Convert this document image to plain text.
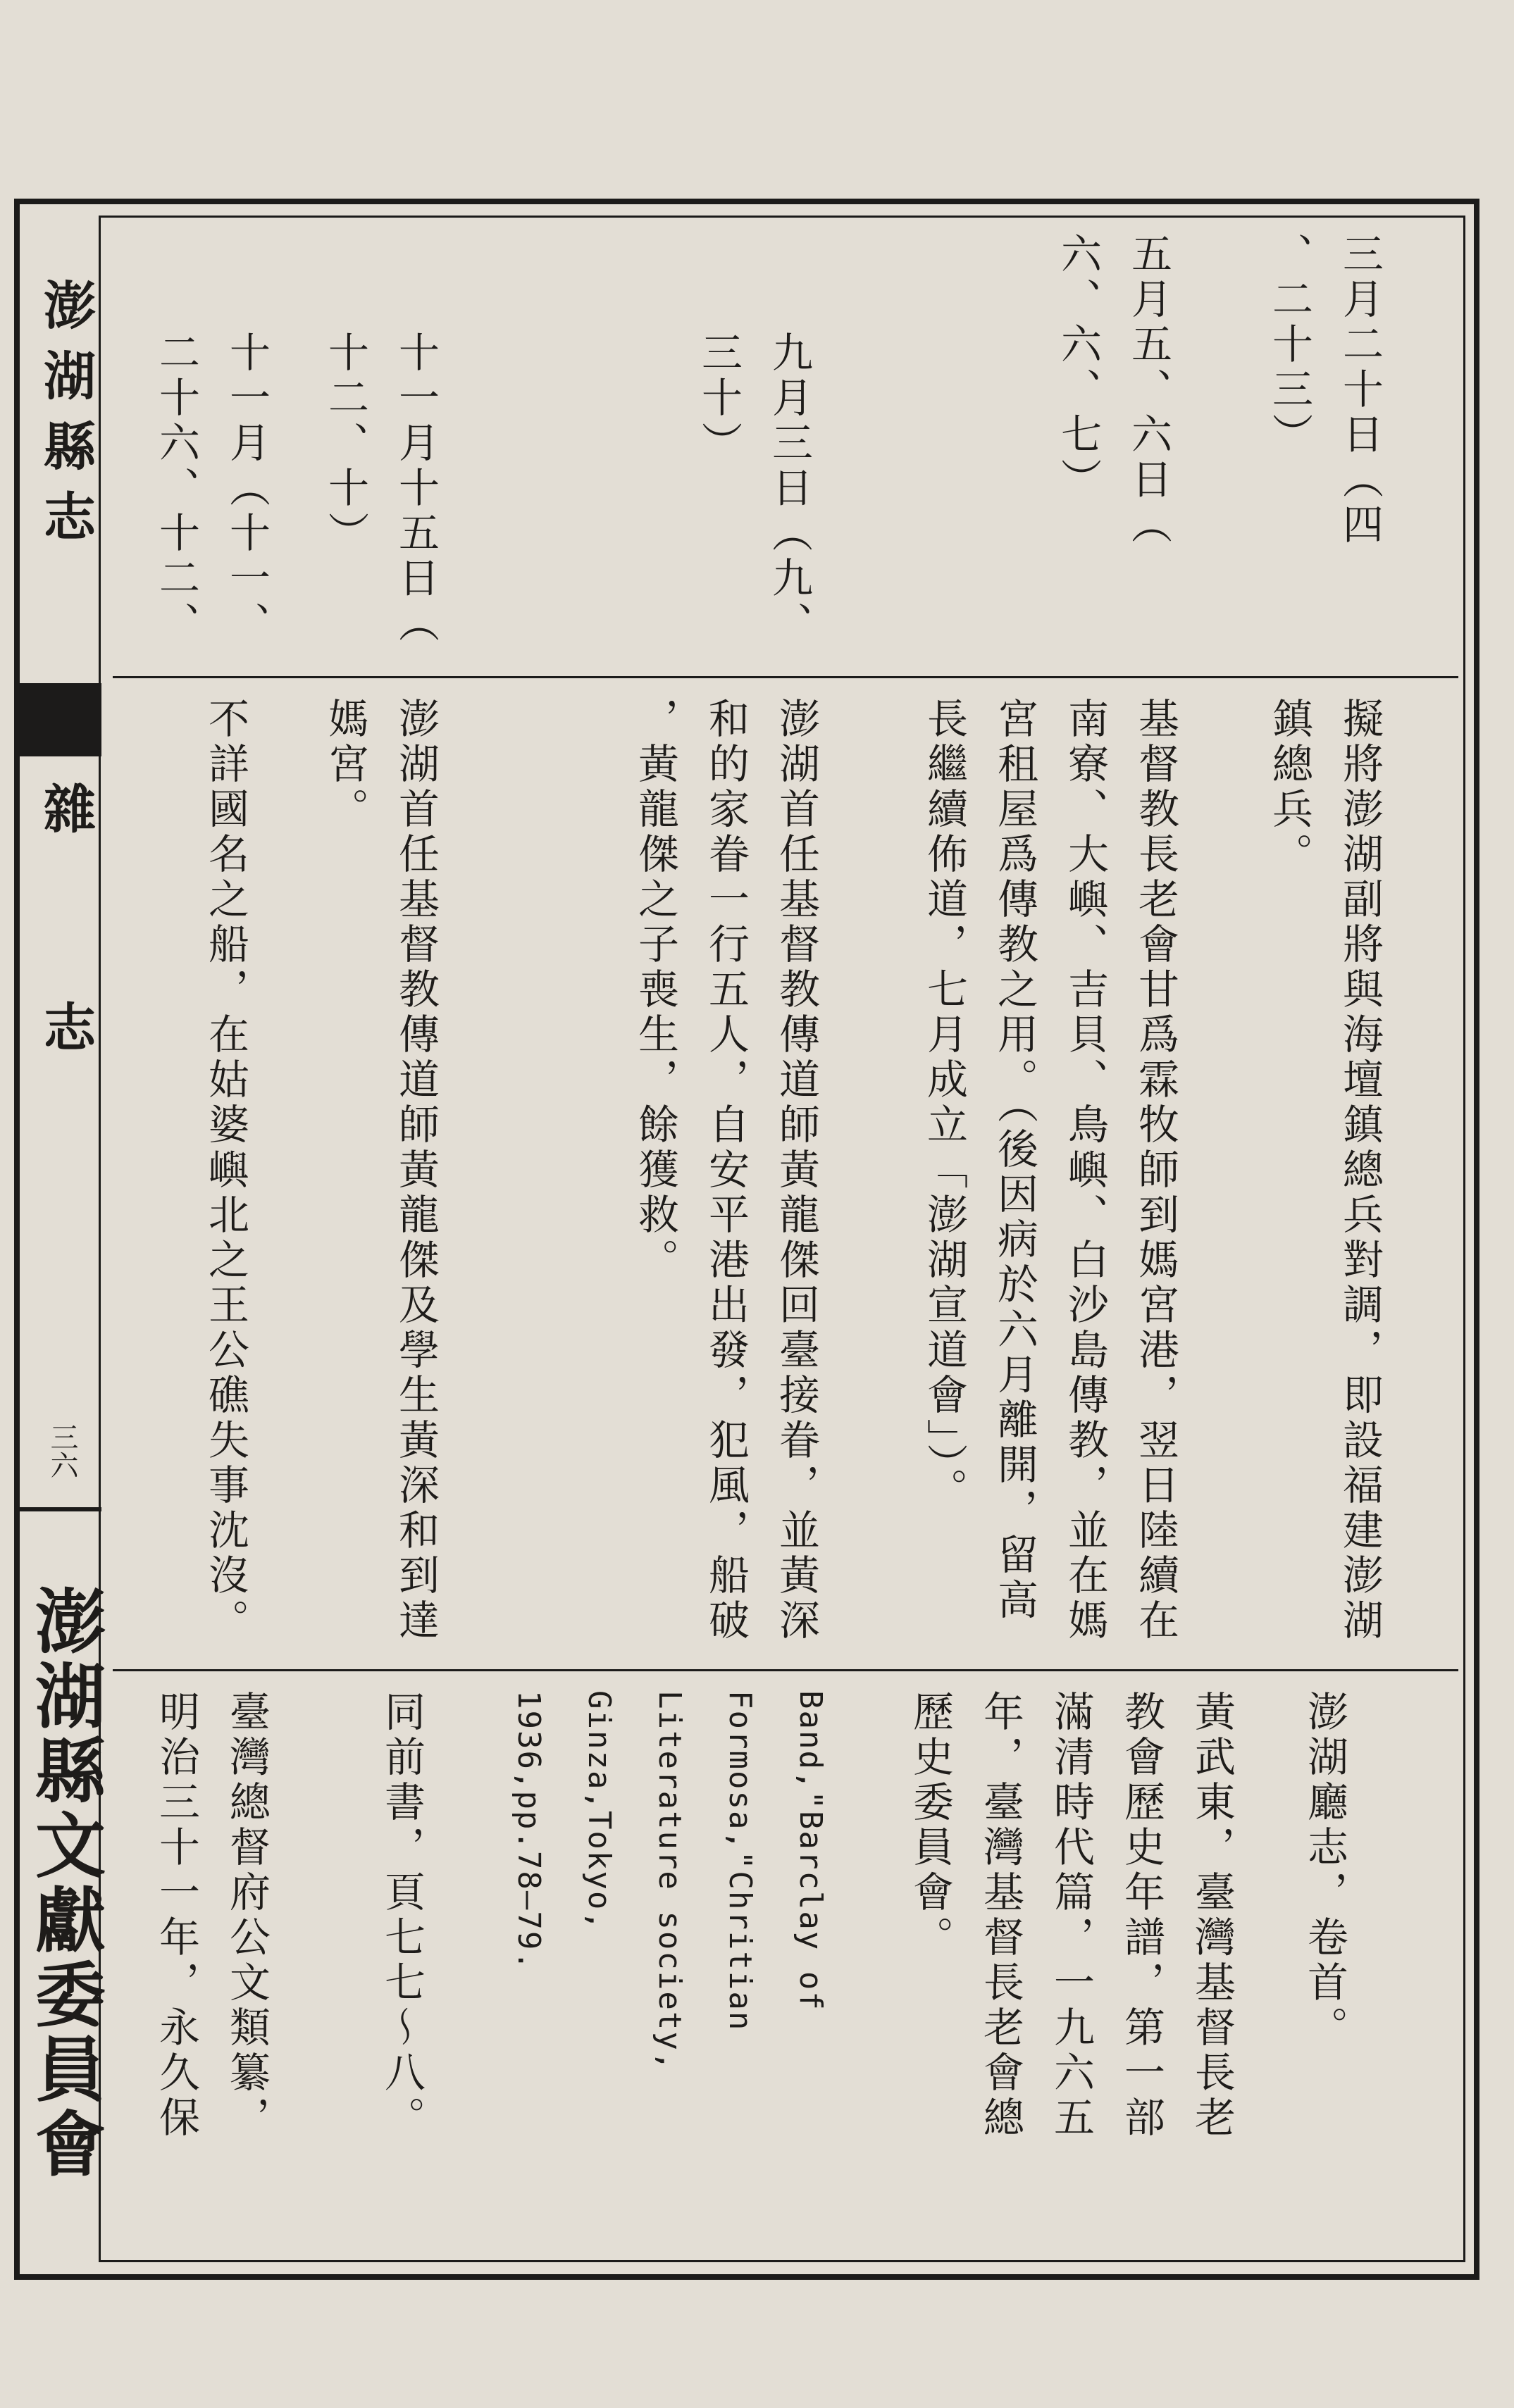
澎湖縣志
雜
志
三六
澎湖縣文獻委員會
三月二十日（四
、二十三）
擬將澎湖副將與海壇鎮總兵對調，即設福建澎湖
鎮總兵。
澎湖廳志，卷首。
五月五、六日（
六、六、七）
基督教長老會甘爲霖牧師到媽宮港，翌日陸續在
南寮、大嶼、吉貝、鳥嶼、白沙島傳教，並在媽
宮租屋爲傳教之用。（後因病於六月離開，留高
長繼續佈道，七月成立「澎湖宣道會」）。
黃武東，臺灣基督長老
教會歷史年譜，第一部
滿清時代篇，一九六五
年，臺灣基督長老會總
歷史委員會。
九月三日（九、
三十）
澎湖首任基督教傳道師黃龍傑回臺接眷，並黃深
和的家眷一行五人，自安平港出發，犯風，船破
，黃龍傑之子喪生，餘獲救。
Band,"Barclay of
Formosa,"Chritian
Literature society,
Ginza,Tokyo,
1936,pp.78—79.
十一月十五日（
十二、十）
澎湖首任基督教傳道師黃龍傑及學生黃深和到達
媽宮。
同前書，頁七七～八。
十一月（十一、
二十六、十二、
不詳國名之船，在姑婆嶼北之王公礁失事沈沒。
臺灣總督府公文類纂，
明治三十一年，永久保
